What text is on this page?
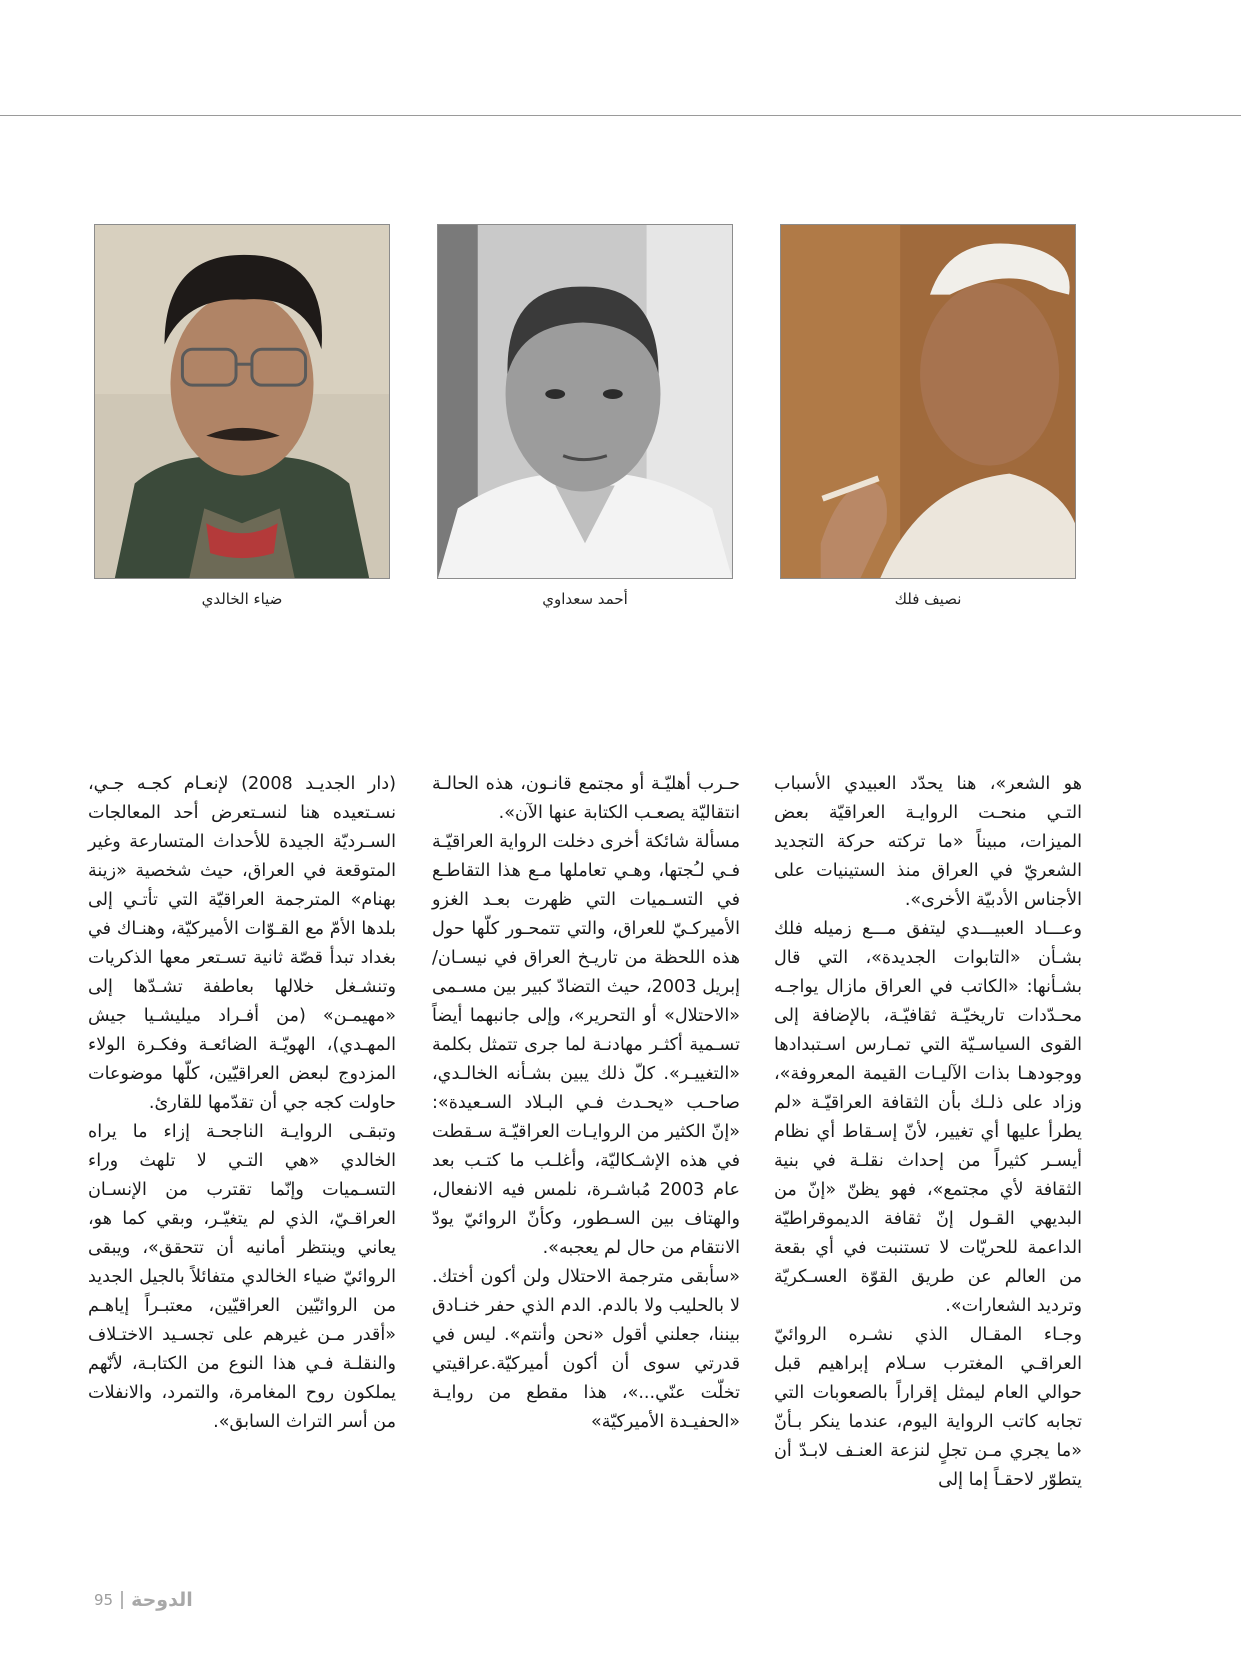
ضياء الخالدي	أحمد سعداوي	نصيف فلك

هو الشعر»، هنا يحدّد العبيدي الأسباب التـي منحـت الروايـة العراقيّة بعض الميزات، مبيناً «ما تركته حركة التجديد الشعريّ في العراق منذ الستينيات على الأجناس الأدبيّة الأخرى».

وعـــاد العبيـــدي ليتفق مـــع زميله فلك بشـأن «التابوات الجديدة»، التي قال بشـأنها: «الكاتب في العراق مازال يواجـه محـدّدات تاريخيّـة ثقافيّـة، بالإضافة إلى القوى السياسـيّة التي تمـارس اسـتبدادها ووجودهـا بذات الآليـات القيمة المعروفة»، وزاد على ذلـك بأن الثقافة العراقيّـة «لم يطرأ عليها أي تغيير، لأنّ إسـقاط أي نظام أيسـر كثيراً من إحداث نقلـة في بنية الثقافة لأي مجتمع»، فهو يظنّ «إنّ من البديهي القـول إنّ ثقافة الديموقراطيّة الداعمة للحريّات لا تستنبت في أي بقعة من العالم عن طريق القوّة العسـكريّة وترديد الشعارات».

وجـاء المقـال الذي نشـره الروائيّ العراقـي المغترب سـلام إبراهيم قبل حوالي العام ليمثل إقراراً بالصعوبات التي تجابه كاتب الرواية اليوم، عندما ينكر بـأنّ «ما يجري مـن تجلٍ لنزعة العنـف لابـدّ أن يتطوّر لاحقـاً إما إلى

حـرب أهليّـة أو مجتمع قانـون، هذه الحالـة انتقاليّة يصعـب الكتابة عنها الآن».

مسألة شائكة أخرى دخلت الرواية العراقيّـة فـي لـُجتها، وهـي تعاملها مـع هذا التقاطـع في التسـميات التي ظهرت بعـد الغزو الأميركـيّ للعراق، والتي تتمحـور كلّها حول هذه اللحظة من تاريـخ العراق في نيسـان/إبريل 2003، حيث التضادّ كبير بين مسـمى «الاحتلال» أو التحرير»، وإلى جانبهما أيضاً تسـمية أكثـر مهادنـة لما جرى تتمثل بكلمة «التغييـر». كلّ ذلك يبين بشـأنه الخالـدي، صاحـب «يحـدث فـي البـلاد السـعيدة»: «إنّ الكثير من الروايـات العراقيّـة سـقطت في هذه الإشـكاليّة، وأغلـب ما كتـب بعد عام 2003 مُباشـرة، نلمس فيه الانفعال، والهتاف بين السـطور، وكأنّ الروائيّ يودّ الانتقام من حال لم يعجبه».

«سأبقى مترجمة الاحتلال ولن أكون أختك. لا بالحليب ولا بالدم. الدم الذي حفر خنـادق بيننا، جعلني أقول «نحن وأنتم». ليس في قدرتي سوى أن أكون أميركيّة.عراقيتي تخلّت عنّي...»، هذا مقطع من روايـة «الحفيـدة الأميركيّة»

(دار الجديـد 2008) لإنعـام كجـه جـي، نسـتعيده هنا لنسـتعرض أحد المعالجات السـرديّة الجيدة للأحداث المتسارعة وغير المتوقعة في العراق، حيث شخصية «زينة بهنام» المترجمة العراقيّة التي تأتـي إلى بلدها الأمّ مع القـوّات الأميركيّة، وهنـاك في بغداد تبدأ قصّة ثانية تسـتعر معها الذكريات وتنشـغل خلالها بعاطفة تشـدّها إلى «مهيمـن» (من أفـراد ميليشـيا جيش المهـدي)، الهويّـة الضائعـة وفكـرة الولاء المزدوج لبعض العراقيّين، كلّها موضوعات حاولت كجه جي أن تقدّمها للقارئ.

وتبقـى الروايـة الناجحـة إزاء ما يراه الخالدي «هي التـي لا تلهث وراء التسـميات وإنّما تقترب من الإنسـان العراقـيّ، الذي لم يتغيّـر، وبقي كما هو، يعاني وينتظر أمانيه أن تتحقق»، ويبقى الروائيّ ضياء الخالدي متفائلاً بالجيل الجديد من الروائيّين العراقيّين، معتبـراً إياهـم «أقدر مـن غيرهم على تجسـيد الاختـلاف والنقلـة فـي هذا النوع من الكتابـة، لأنّهم يملكون روح المغامرة، والتمرد، والانفلات من أسر التراث السابق».

95 الدوحة
